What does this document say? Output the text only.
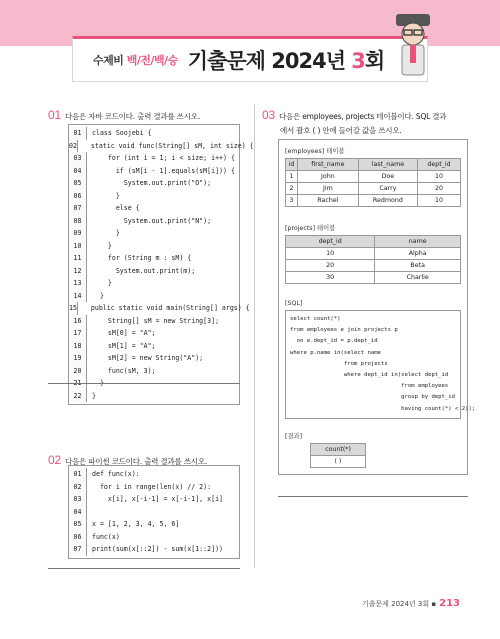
수제비 백/전/백/승 기출문제 2024년 3회
01 다음은 자바 코드이다. 출력 결과를 쓰시오.
01	class Soojebi {
02 static void func(String[] sM, int size) {
03	for (int i = 1; i < size; i++) {
04	if (sM[i - 1].equals(sM[i])) {
05	System.out.print("O");
06	}
07	else {
08	System.out.print("N");
09	}
10	}
11	for (String m : sM) {
12	System.out.print(m);
13	}
14	}
15 public static void main(String[] args) {
16	String[] sM = new String[3];
17	sM[0] = "A";
18	sM[1] = "A";
19	sM[2] = new String("A");
20	func(sM, 3);
22	}
02 다음은 파이썬 코드이다. 출력 결과를 쓰시오.
01	def func(x):
02	for i in range(len(x) // 2):
03	x[i], x[-i-1] = x[-i-1], x[i]
04
05	x = [1, 2, 3, 4, 5, 6]
06	func(x)
07	print(sum(x[::2]) - sum(x[1::2]))
03 다음은 employees, projects 테이블이다. SQL 결과
에서 괄호 ( ) 안에 들어갈 값을 쓰시오.
[employees] 테이블
id	first_name	last_name	dept_id
1	John	Doe	10
2	Jim	Carry	20
3	Rachel	Redmond	10
[projects] 테이블
dept_id	name
10	Alpha
20	Beta
30	Charlie
[SQL]
select count(*)
from employees e join projects p
on e.dept_id = p.dept_id
where p.name in(select name
from projects
where dept_id in(select dept_id
from employees
group by dept_id
having count(*) < 2));
[결과]
count(*)
( )
기출문제 2024년 3회 ▪ 213
